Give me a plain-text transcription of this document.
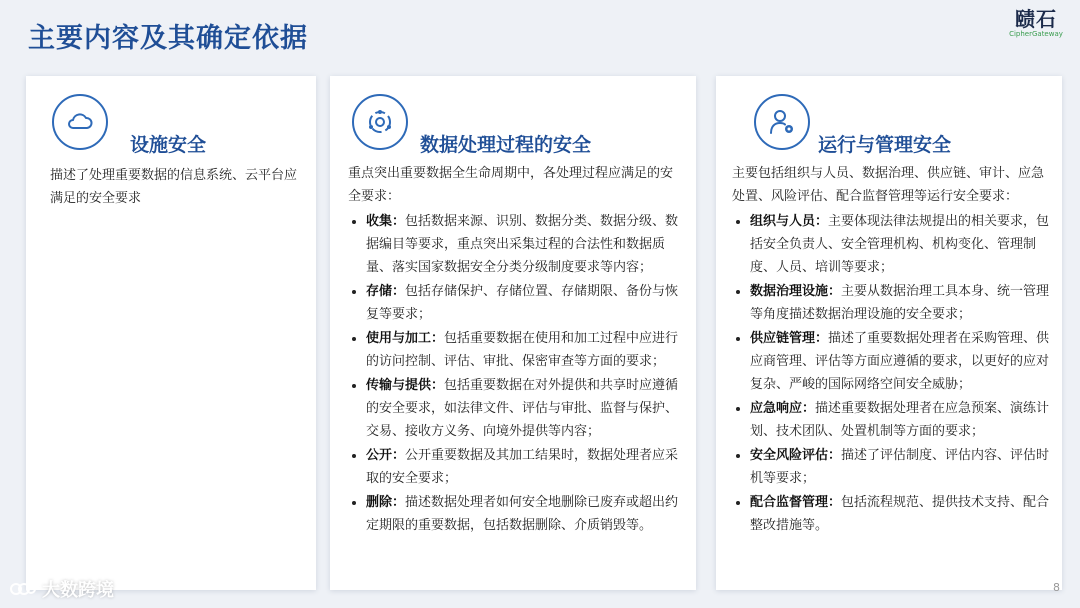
主要内容及其确定依据
赜石
CipherGateway
设施安全

描述了处理重要数据的信息系统、云平台应满足的安全要求

数据处理过程的安全

重点突出重要数据全生命周期中，各处理过程应满足的安全要求：

• 收集：包括数据来源、识别、数据分类、数据分级、数据编目等要求，重点突出采集过程的合法性和数据质量、落实国家数据安全分类分级制度要求等内容；
• 存储：包括存储保护、存储位置、存储期限、备份与恢复等要求；
• 使用与加工：包括重要数据在使用和加工过程中应进行的访问控制、评估、审批、保密审查等方面的要求；
• 传输与提供：包括重要数据在对外提供和共享时应遵循的安全要求，如法律文件、评估与审批、监督与保护、交易、接收方义务、向境外提供等内容；
• 公开：公开重要数据及其加工结果时，数据处理者应采取的安全要求；
• 删除：描述数据处理者如何安全地删除已废弃或超出约定期限的重要数据，包括数据删除、介质销毁等。
运行与管理安全

主要包括组织与人员、数据治理、供应链、审计、应急处置、风险评估、配合监督管理等运行安全要求：

• 组织与人员：主要体现法律法规提出的相关要求，包括安全负责人、安全管理机构、机构变化、管理制度、人员、培训等要求；
• 数据治理设施：主要从数据治理工具本身、统一管理等角度描述数据治理设施的安全要求；
• 供应链管理：描述了重要数据处理者在采购管理、供应商管理、评估等方面应遵循的要求，以更好的应对复杂、严峻的国际网络空间安全威胁；
• 应急响应：描述重要数据处理者在应急预案、演练计划、技术团队、处置机制等方面的要求；
• 安全风险评估：描述了评估制度、评估内容、评估时机等要求；
• 配合监督管理：包括流程规范、提供技术支持、配合整改措施等。
大数跨境	8
